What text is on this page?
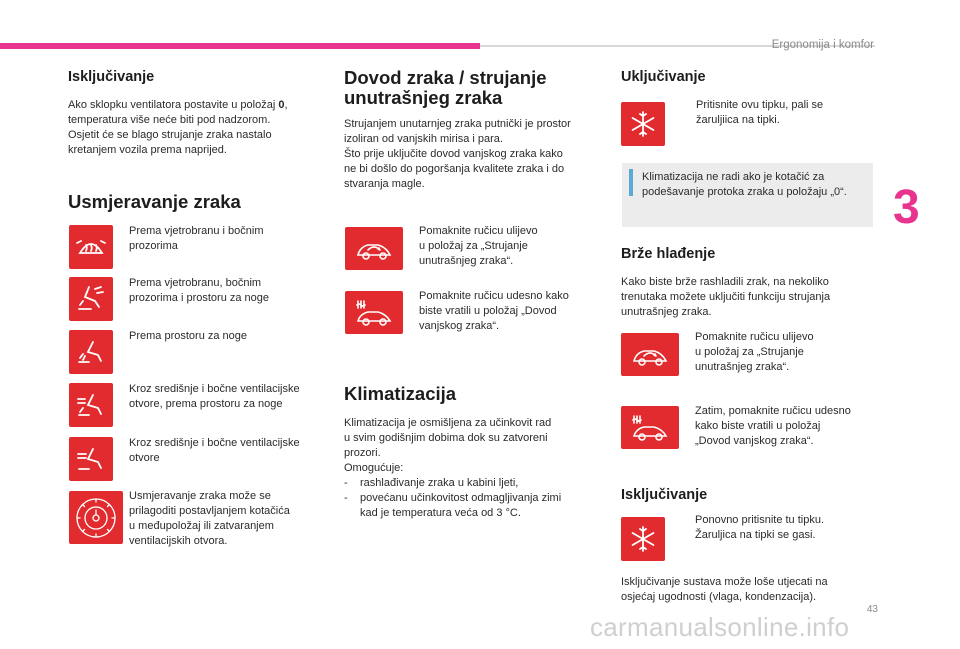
Ergonomija i komfor
3
Isključivanje
Ako sklopku ventilatora postavite u položaj 0,
temperatura više neće biti pod nadzorom.
Osjetit će se blago strujanje zraka nastalo
kretanjem vozila prema naprijed.
Usmjeravanje zraka
Prema vjetrobranu i bočnim
prozorima
Prema vjetrobranu, bočnim
prozorima i prostoru za noge
Prema prostoru za noge
Kroz središnje i bočne ventilacijske
otvore, prema prostoru za noge
Kroz središnje i bočne ventilacijske
otvore
Usmjeravanje zraka može se
prilagoditi postavljanjem kotačića
u međupoložaj ili zatvaranjem
ventilacijskih otvora.
Dovod zraka / strujanje
unutrašnjeg zraka
Strujanjem unutarnjeg zraka putnički je prostor
izoliran od vanjskih mirisa i para.
Što prije uključite dovod vanjskog zraka kako
ne bi došlo do pogoršanja kvalitete zraka i do
stvaranja magle.
Pomaknite ručicu ulijevo
u položaj za „Strujanje
unutrašnjeg zraka“.
Pomaknite ručicu udesno kako
biste vratili u položaj „Dovod
vanjskog zraka“.
Klimatizacija
Klimatizacija je osmišljena za učinkovit rad
u svim godišnjim dobima dok su zatvoreni
prozori.
Omogućuje:
- rashlađivanje zraka u kabini ljeti,
- povećanu učinkovitost odmagljivanja zimi
kad je temperatura veća od 3 °C.
Uključivanje
Pritisnite ovu tipku, pali se
žaruljiica na tipki.
Klimatizacija ne radi ako je kotačić za
podešavanje protoka zraka u položaju „0“.
Brže hlađenje
Kako biste brže rashladili zrak, na nekoliko
trenutaka možete uključiti funkciju strujanja
unutrašnjeg zraka.
Pomaknite ručicu ulijevo
u položaj za „Strujanje
unutrašnjeg zraka“.
Zatim, pomaknite ručicu udesno
kako biste vratili u položaj
„Dovod vanjskog zraka“.
Isključivanje
Ponovno pritisnite tu tipku.
Žaruljica na tipki se gasi.
Isključivanje sustava može loše utjecati na
osjećaj ugodnosti (vlaga, kondenzacija).
43
carmanualsonline.info
